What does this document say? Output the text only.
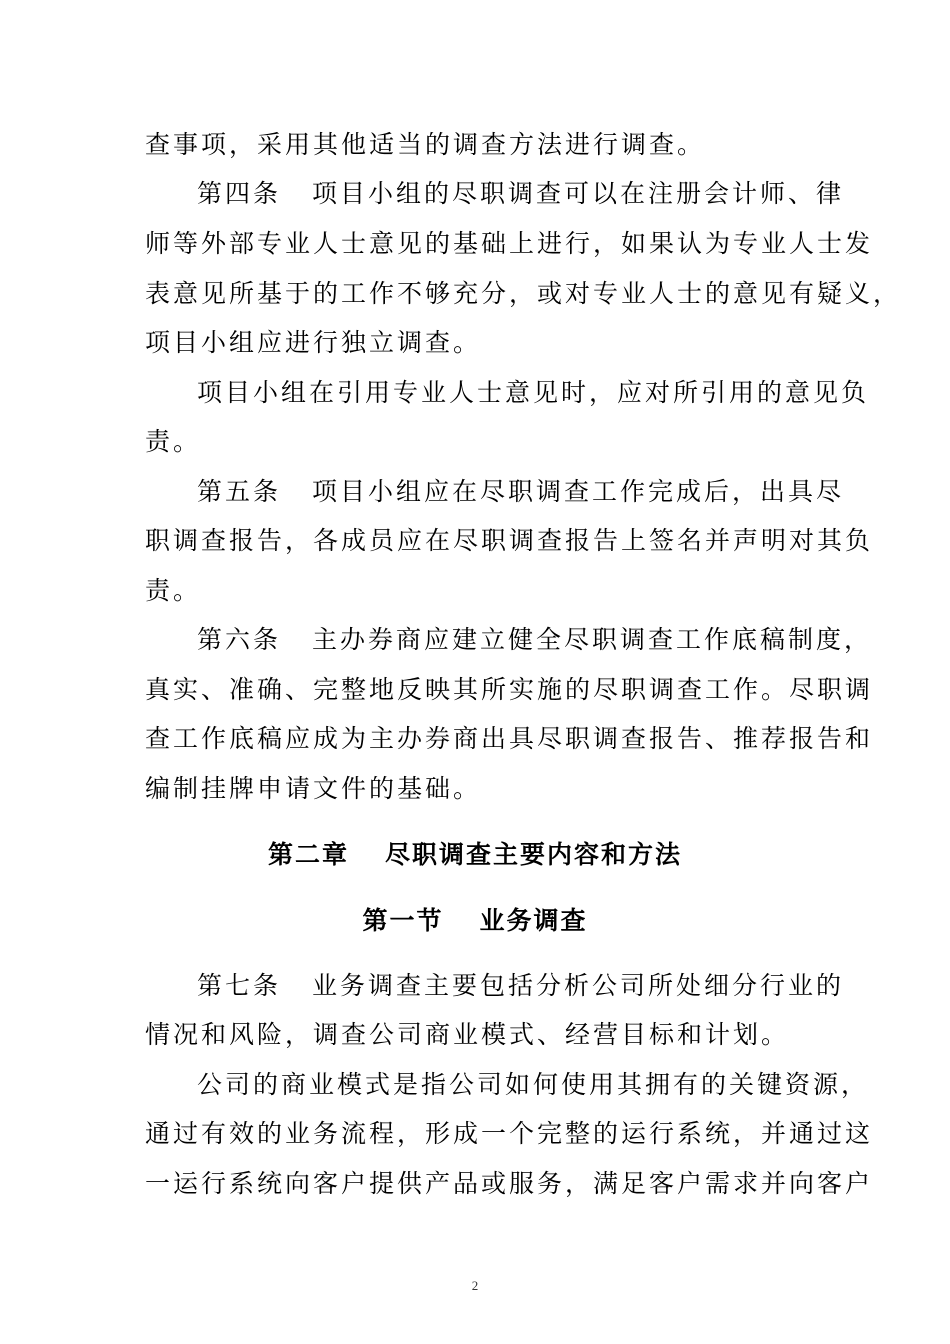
查事项，采用其他适当的调查方法进行调查。
第四条 项目小组的尽职调查可以在注册会计师、律
师等外部专业人士意见的基础上进行，如果认为专业人士发
表意见所基于的工作不够充分，或对专业人士的意见有疑义，
项目小组应进行独立调查。
项目小组在引用专业人士意见时，应对所引用的意见负
责。
第五条 项目小组应在尽职调查工作完成后，出具尽
职调查报告，各成员应在尽职调查报告上签名并声明对其负
责。
第六条 主办券商应建立健全尽职调查工作底稿制度，
真实、准确、完整地反映其所实施的尽职调查工作。尽职调
查工作底稿应成为主办券商出具尽职调查报告、推荐报告和
编制挂牌申请文件的基础。
第二章 尽职调查主要内容和方法
第一节 业务调查
第七条 业务调查主要包括分析公司所处细分行业的
情况和风险，调查公司商业模式、经营目标和计划。
公司的商业模式是指公司如何使用其拥有的关键资源，
通过有效的业务流程，形成一个完整的运行系统，并通过这
一运行系统向客户提供产品或服务，满足客户需求并向客户
2
